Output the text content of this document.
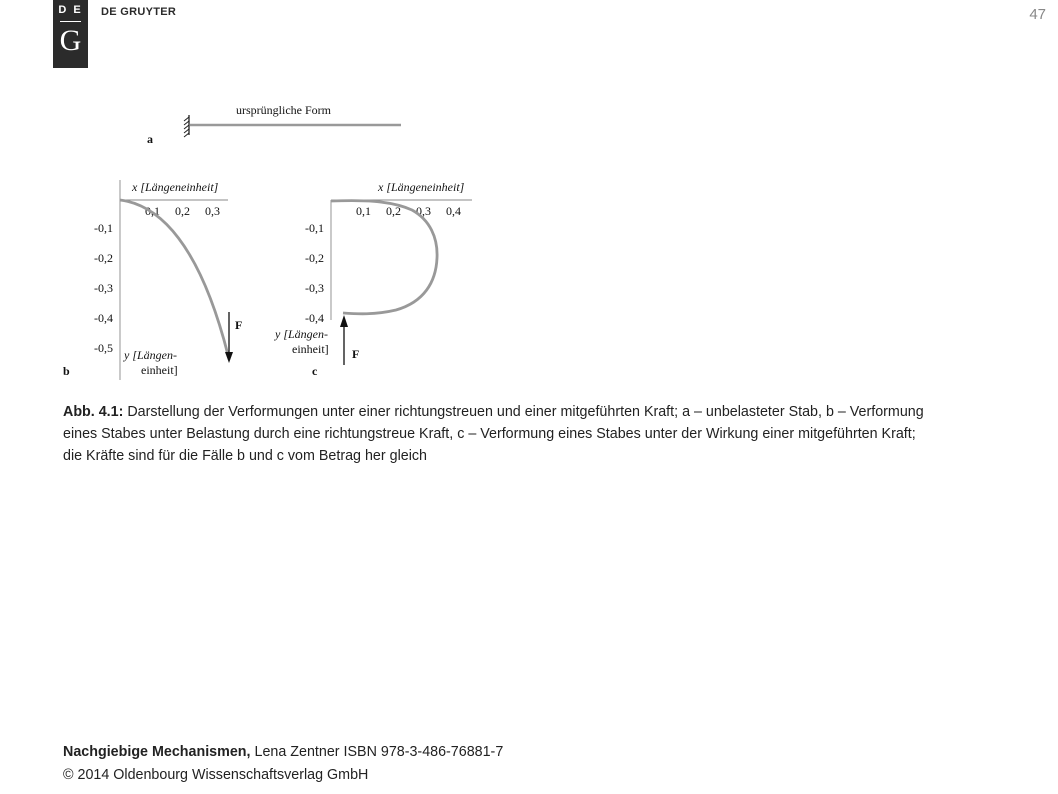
D E
G
DE GRUYTER	47
ursprüngliche Form
a
x [Längeneinheit]
0,1 0,2 0,3
-0,1
-0,2
-0,3
-0,4
-0,5 y [Längen-
einheit]
F
b
x [Längeneinheit]
0,1 0,2 0,3 0,4
-0,1
-0,2
-0,3
-0,4
y [Längen-
einheit] F
c
Abb. 4.1: Darstellung der Verformungen unter einer richtungstreuen und einer mitgeführten Kraft; a – unbelasteter Stab, b – Verformung eines Stabes unter Belastung durch eine richtungstreue Kraft, c – Verformung eines Stabes unter der Wirkung einer mitgeführten Kraft; die Kräfte sind für die Fälle b und c vom Betrag her gleich
Nachgiebige Mechanismen, Lena Zentner ISBN 978-3-486-76881-7
© 2014 Oldenbourg Wissenschaftsverlag GmbH
